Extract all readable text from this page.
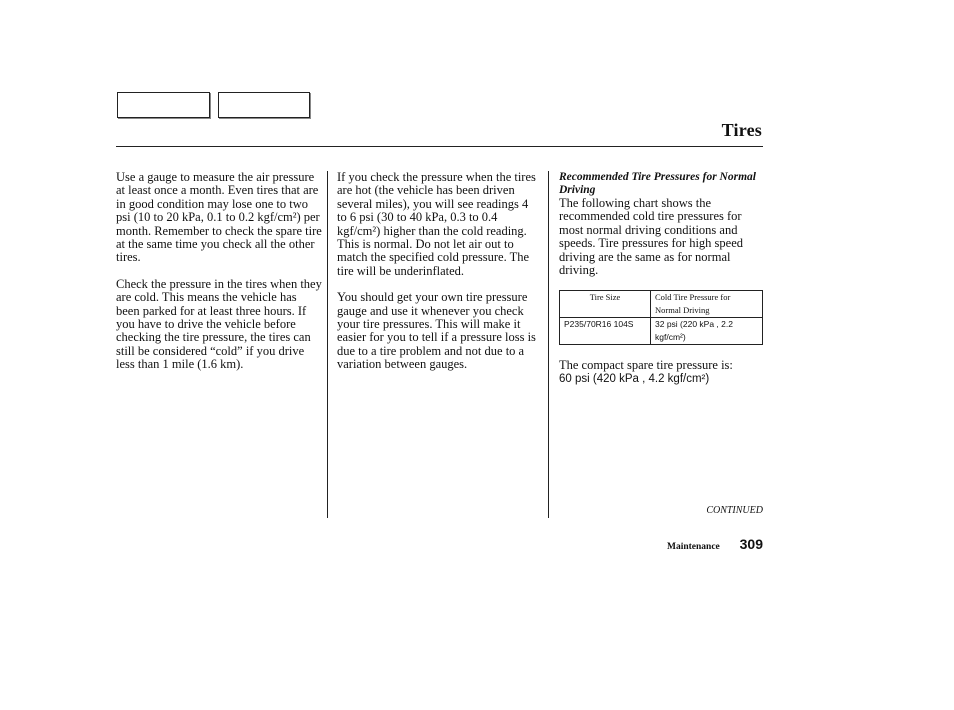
Tires

Use a gauge to measure the air pressure at least once a month. Even tires that are in good condition may lose one to two psi (10 to 20 kPa, 0.1 to 0.2 kgf/cm²) per month. Remember to check the spare tire at the same time you check all the other tires.

Check the pressure in the tires when they are cold. This means the vehicle has been parked for at least three hours. If you have to drive the vehicle before checking the tire pressure, the tires can still be considered “cold” if you drive less than 1 mile (1.6 km).

If you check the pressure when the tires are hot (the vehicle has been driven several miles), you will see readings 4 to 6 psi (30 to 40 kPa, 0.3 to 0.4 kgf/cm²) higher than the cold reading. This is normal. Do not let air out to match the specified cold pressure. The tire will be underinflated.

You should get your own tire pressure gauge and use it whenever you check your tire pressures. This will make it easier for you to tell if a pressure loss is due to a tire problem and not due to a variation between gauges.

Recommended Tire Pressures for Normal Driving

The following chart shows the recommended cold tire pressures for most normal driving conditions and speeds. Tire pressures for high speed driving are the same as for normal driving.

Tire Size	Cold Tire Pressure for Normal Driving
P235/70R16 104S	32 psi (220 kPa , 2.2 kgf/cm²)
The compact spare tire pressure is:
60 psi (420 kPa , 4.2 kgf/cm²)
CONTINUED
Maintenance 309
